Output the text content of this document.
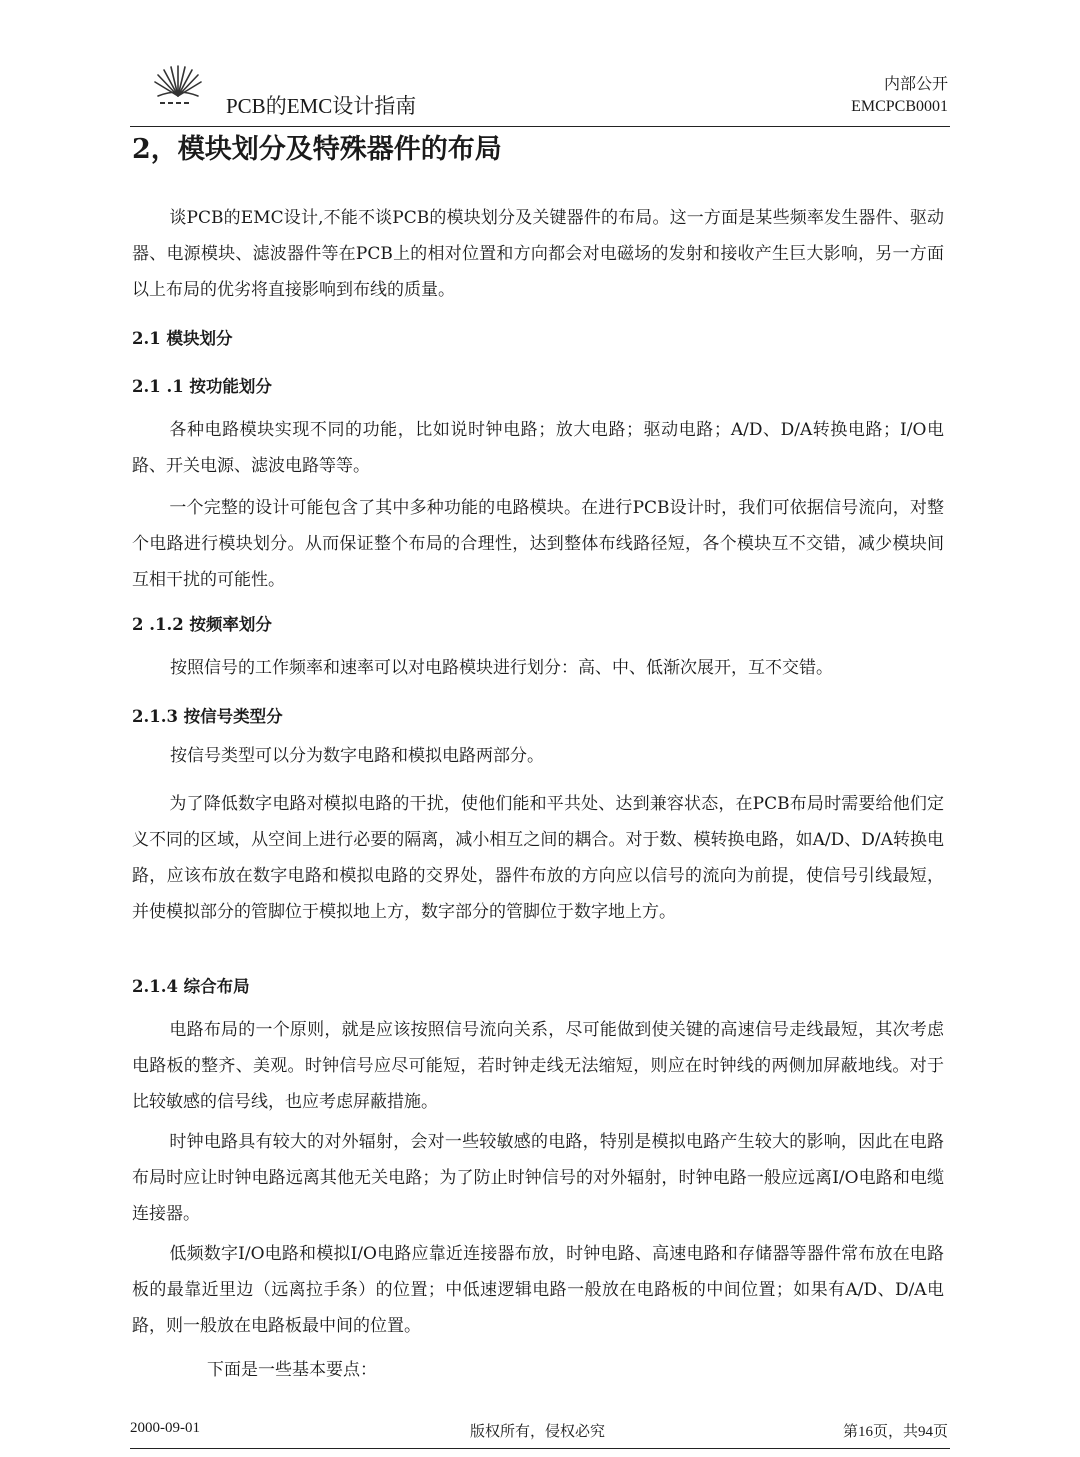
PCB的EMC设计指南
内部公开
EMCPCB0001
2，模块划分及特殊器件的布局

谈PCB的EMC设计,不能不谈PCB的模块划分及关键器件的布局。这一方面是某些频率发生器件、驱动器、电源模块、滤波器件等在PCB上的相对位置和方向都会对电磁场的发射和接收产生巨大影响，另一方面以上布局的优劣将直接影响到布线的质量。

2.1 模块划分
2.1 .1 按功能划分

各种电路模块实现不同的功能，比如说时钟电路；放大电路；驱动电路；A/D、D/A转换电路；I/O电路、开关电源、滤波电路等等。

一个完整的设计可能包含了其中多种功能的电路模块。在进行PCB设计时，我们可依据信号流向，对整个电路进行模块划分。从而保证整个布局的合理性，达到整体布线路径短，各个模块互不交错，减少模块间互相干扰的可能性。

2 .1.2 按频率划分

按照信号的工作频率和速率可以对电路模块进行划分：高、中、低渐次展开，互不交错。

2.1.3 按信号类型分

按信号类型可以分为数字电路和模拟电路两部分。

为了降低数字电路对模拟电路的干扰，使他们能和平共处、达到兼容状态，在PCB布局时需要给他们定义不同的区域，从空间上进行必要的隔离，减小相互之间的耦合。对于数、模转换电路，如A/D、D/A转换电路，应该布放在数字电路和模拟电路的交界处，器件布放的方向应以信号的流向为前提，使信号引线最短，并使模拟部分的管脚位于模拟地上方，数字部分的管脚位于数字地上方。

2.1.4 综合布局

电路布局的一个原则，就是应该按照信号流向关系，尽可能做到使关键的高速信号走线最短，其次考虑电路板的整齐、美观。时钟信号应尽可能短，若时钟走线无法缩短，则应在时钟线的两侧加屏蔽地线。对于比较敏感的信号线，也应考虑屏蔽措施。

时钟电路具有较大的对外辐射，会对一些较敏感的电路，特别是模拟电路产生较大的影响，因此在电路布局时应让时钟电路远离其他无关电路；为了防止时钟信号的对外辐射，时钟电路一般应远离I/O电路和电缆连接器。

低频数字I/O电路和模拟I/O电路应靠近连接器布放，时钟电路、高速电路和存储器等器件常布放在电路板的最靠近里边（远离拉手条）的位置；中低速逻辑电路一般放在电路板的中间位置；如果有A/D、D/A电路，则一般放在电路板最中间的位置。

下面是一些基本要点：

2000-09-01	版权所有，侵权必究	第16页，共94页
